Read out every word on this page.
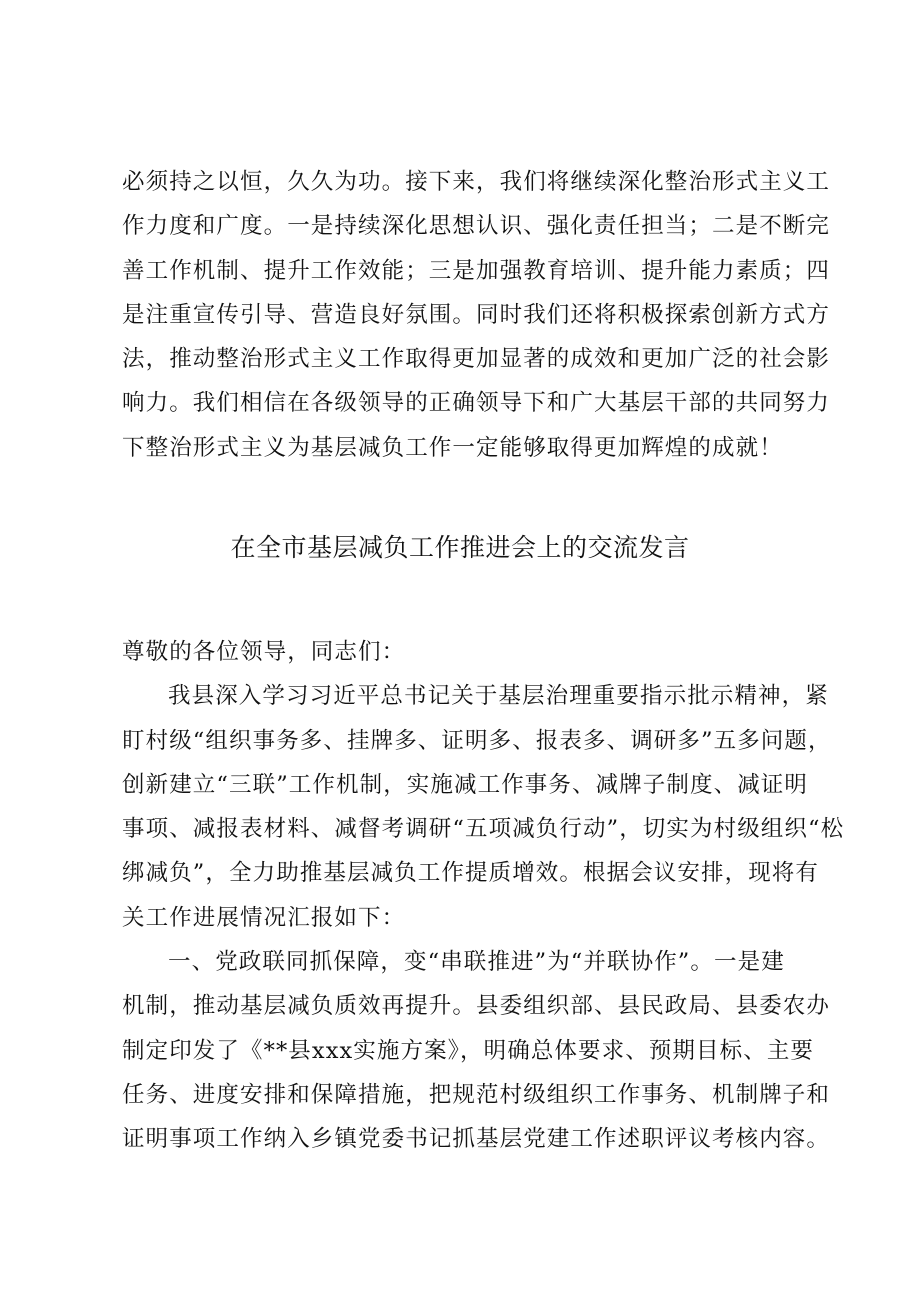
必须持之以恒，久久为功。接下来，我们将继续深化整治形式主义工
作力度和广度。一是持续深化思想认识、强化责任担当；二是不断完
善工作机制、提升工作效能；三是加强教育培训、提升能力素质；四
是注重宣传引导、营造良好氛围。同时我们还将积极探索创新方式方
法，推动整治形式主义工作取得更加显著的成效和更加广泛的社会影
响力。我们相信在各级领导的正确领导下和广大基层干部的共同努力
下整治形式主义为基层减负工作一定能够取得更加辉煌的成就！
在全市基层减负工作推进会上的交流发言
尊敬的各位领导，同志们：
我县深入学习习近平总书记关于基层治理重要指示批示精神，紧
盯村级“组织事务多、挂牌多、证明多、报表多、调研多”五多问题，
创新建立“三联”工作机制，实施减工作事务、减牌子制度、减证明
事项、减报表材料、减督考调研“五项减负行动”，切实为村级组织“松
绑减负”，全力助推基层减负工作提质增效。根据会议安排，现将有
关工作进展情况汇报如下：
一、党政联同抓保障，变“串联推进”为“并联协作”。一是建
机制，推动基层减负质效再提升。县委组织部、县民政局、县委农办
制定印发了《**县xxx实施方案》，明确总体要求、预期目标、主要
任务、进度安排和保障措施，把规范村级组织工作事务、机制牌子和
证明事项工作纳入乡镇党委书记抓基层党建工作述职评议考核内容。
